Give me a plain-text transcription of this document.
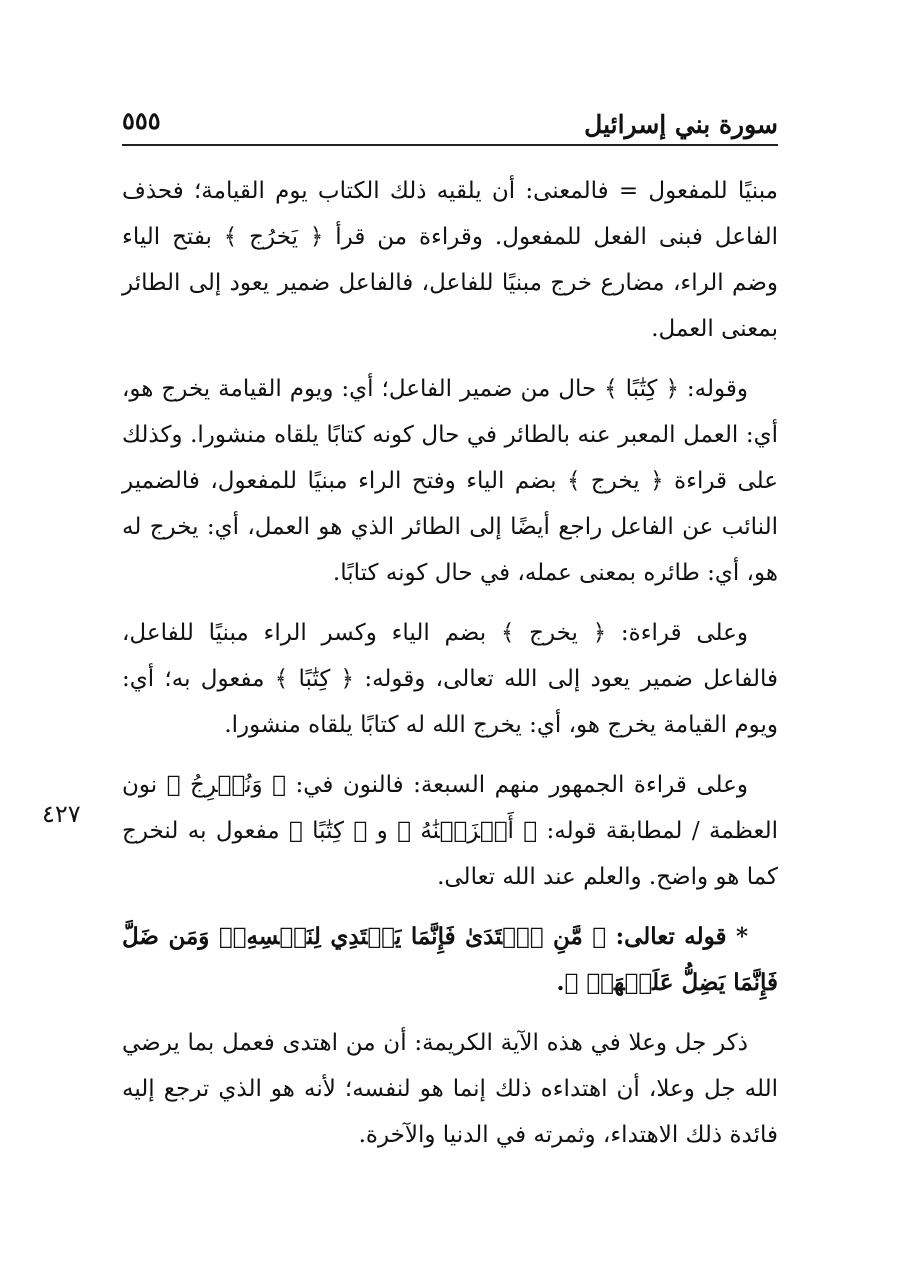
سورة بني إسرائيل
٥٥٥
٤٢٧

مبنيًا للمفعول = فالمعنى: أن يلقيه ذلك الكتاب يوم القيامة؛ فحذف الفاعل فبنى الفعل للمفعول. وقراءة من قرأ ﴿ يَخرُج ﴾ بفتح الياء وضم الراء، مضارع خرج مبنيًا للفاعل، فالفاعل ضمير يعود إلى الطائر بمعنى العمل.

وقوله: ﴿ كِتَٰبًا ﴾ حال من ضمير الفاعل؛ أي: ويوم القيامة يخرج هو، أي: العمل المعبر عنه بالطائر في حال كونه كتابًا يلقاه منشورا. وكذلك على قراءة ﴿ يخرج ﴾ بضم الياء وفتح الراء مبنيًا للمفعول، فالضمير النائب عن الفاعل راجع أيضًا إلى الطائر الذي هو العمل، أي: يخرج له هو، أي: طائره بمعنى عمله، في حال كونه كتابًا.

وعلى قراءة: ﴿ يخرج ﴾ بضم الياء وكسر الراء مبنيًا للفاعل، فالفاعل ضمير يعود إلى الله تعالى، وقوله: ﴿ كِتَٰبًا ﴾ مفعول به؛ أي: ويوم القيامة يخرج هو، أي: يخرج الله له كتابًا يلقاه منشورا.

وعلى قراءة الجمهور منهم السبعة: فالنون في: ﴿ وَنُخۡرِجُ ﴾ نون العظمة / لمطابقة قوله: ﴿ أَلۡزَمۡنَٰهُ ﴾ و ﴿ كِتَٰبًا ﴾ مفعول به لنخرج كما هو واضح. والعلم عند الله تعالى.

* قوله تعالى: ﴿ مَّنِ ٱهۡتَدَىٰ فَإِنَّمَا يَهۡتَدِي لِنَفۡسِهِۦۖ وَمَن ضَلَّ فَإِنَّمَا يَضِلُّ عَلَيۡهَاۚ ﴾.

ذكر جل وعلا في هذه الآية الكريمة: أن من اهتدى فعمل بما يرضي الله جل وعلا، أن اهتداءه ذلك إنما هو لنفسه؛ لأنه هو الذي ترجع إليه فائدة ذلك الاهتداء، وثمرته في الدنيا والآخرة.
